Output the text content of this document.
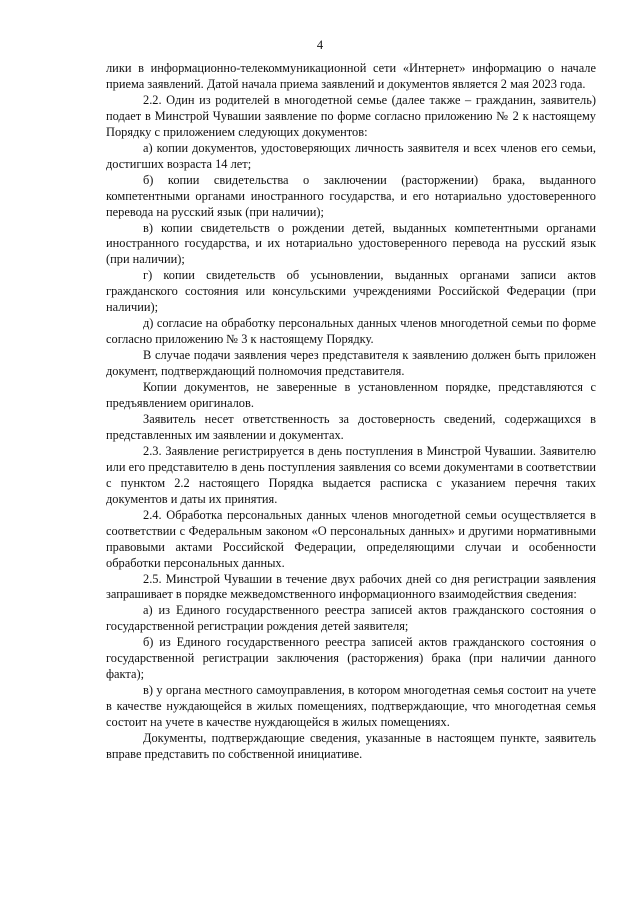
4

лики в информационно-телекоммуникационной сети «Интернет» информацию о начале приема заявлений. Датой начала приема заявлений и документов является 2 мая 2023 года.

2.2. Один из родителей в многодетной семье (далее также – гражданин, заявитель) подает в Минстрой Чувашии заявление по форме согласно приложению № 2 к настоящему Порядку с приложением следующих документов:

а) копии документов, удостоверяющих личность заявителя и всех членов его семьи, достигших возраста 14 лет;

б) копии свидетельства о заключении (расторжении) брака, выданного компетентными органами иностранного государства, и его нотариально удостоверенного перевода на русский язык (при наличии);

в) копии свидетельств о рождении детей, выданных компетентными органами иностранного государства, и их нотариально удостоверенного перевода на русский язык (при наличии);

г) копии свидетельств об усыновлении, выданных органами записи актов гражданского состояния или консульскими учреждениями Российской Федерации (при наличии);

д) согласие на обработку персональных данных членов многодетной семьи по форме согласно приложению № 3 к настоящему Порядку.

В случае подачи заявления через представителя к заявлению должен быть приложен документ, подтверждающий полномочия представителя.

Копии документов, не заверенные в установленном порядке, представляются с предъявлением оригиналов.

Заявитель несет ответственность за достоверность сведений, содержащихся в представленных им заявлении и документах.

2.3. Заявление регистрируется в день поступления в Минстрой Чувашии. Заявителю или его представителю в день поступления заявления со всеми документами в соответствии с пунктом 2.2 настоящего Порядка выдается расписка с указанием перечня таких документов и даты их принятия.

2.4. Обработка персональных данных членов многодетной семьи осуществляется в соответствии с Федеральным законом «О персональных данных» и другими нормативными правовыми актами Российской Федерации, определяющими случаи и особенности обработки персональных данных.

2.5. Минстрой Чувашии в течение двух рабочих дней со дня регистрации заявления запрашивает в порядке межведомственного информационного взаимодействия сведения:

а) из Единого государственного реестра записей актов гражданского состояния о государственной регистрации рождения детей заявителя;

б) из Единого государственного реестра записей актов гражданского состояния о государственной регистрации заключения (расторжения) брака (при наличии данного факта);

в) у органа местного самоуправления, в котором многодетная семья состоит на учете в качестве нуждающейся в жилых помещениях, подтверждающие, что многодетная семья состоит на учете в качестве нуждающейся в жилых помещениях.

Документы, подтверждающие сведения, указанные в настоящем пункте, заявитель вправе представить по собственной инициативе.
